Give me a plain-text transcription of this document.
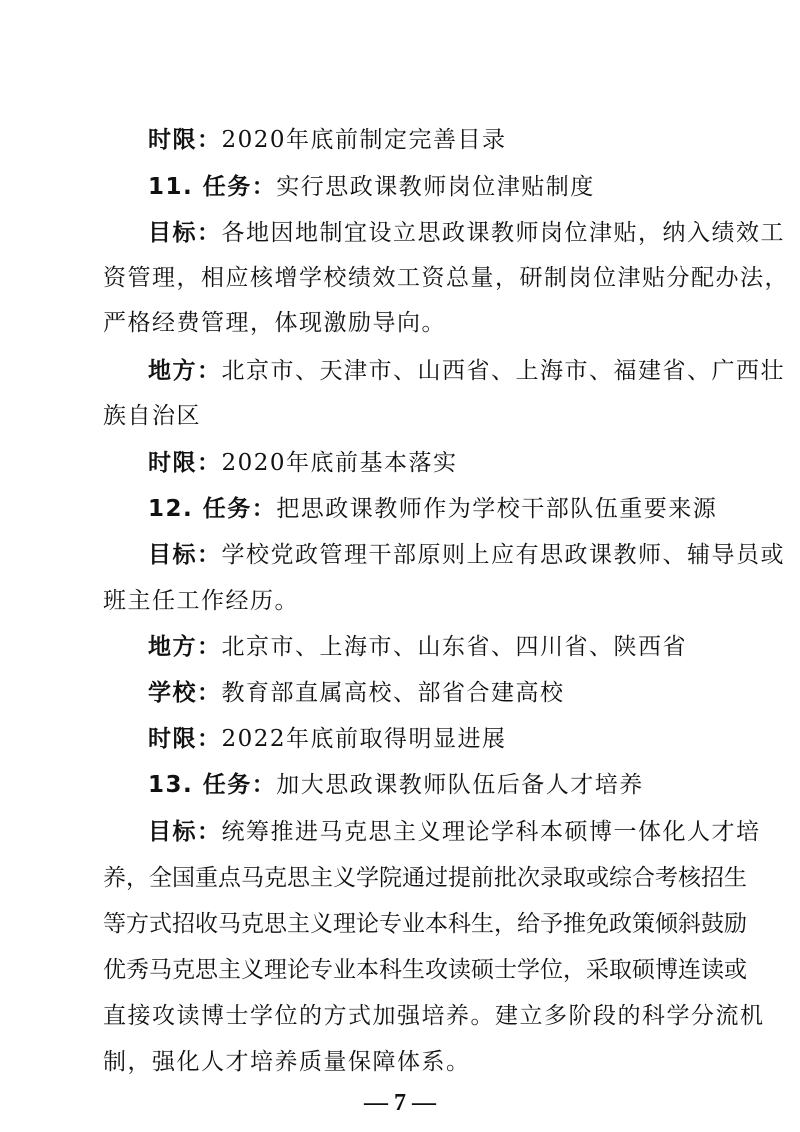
时限：2020年底前制定完善目录
11. 任务：实行思政课教师岗位津贴制度
目标：各地因地制宜设立思政课教师岗位津贴，纳入绩效工
资管理，相应核增学校绩效工资总量，研制岗位津贴分配办法，
严格经费管理，体现激励导向。
地方：北京市、天津市、山西省、上海市、福建省、广西壮
族自治区
时限：2020年底前基本落实
12. 任务：把思政课教师作为学校干部队伍重要来源
目标：学校党政管理干部原则上应有思政课教师、辅导员或
班主任工作经历。
地方：北京市、上海市、山东省、四川省、陕西省
学校：教育部直属高校、部省合建高校
时限：2022年底前取得明显进展
13. 任务：加大思政课教师队伍后备人才培养
目标：统筹推进马克思主义理论学科本硕博一体化人才培
养，全国重点马克思主义学院通过提前批次录取或综合考核招生
等方式招收马克思主义理论专业本科生，给予推免政策倾斜鼓励
优秀马克思主义理论专业本科生攻读硕士学位，采取硕博连读或
直接攻读博士学位的方式加强培养。建立多阶段的科学分流机
制，强化人才培养质量保障体系。
— 7 —
